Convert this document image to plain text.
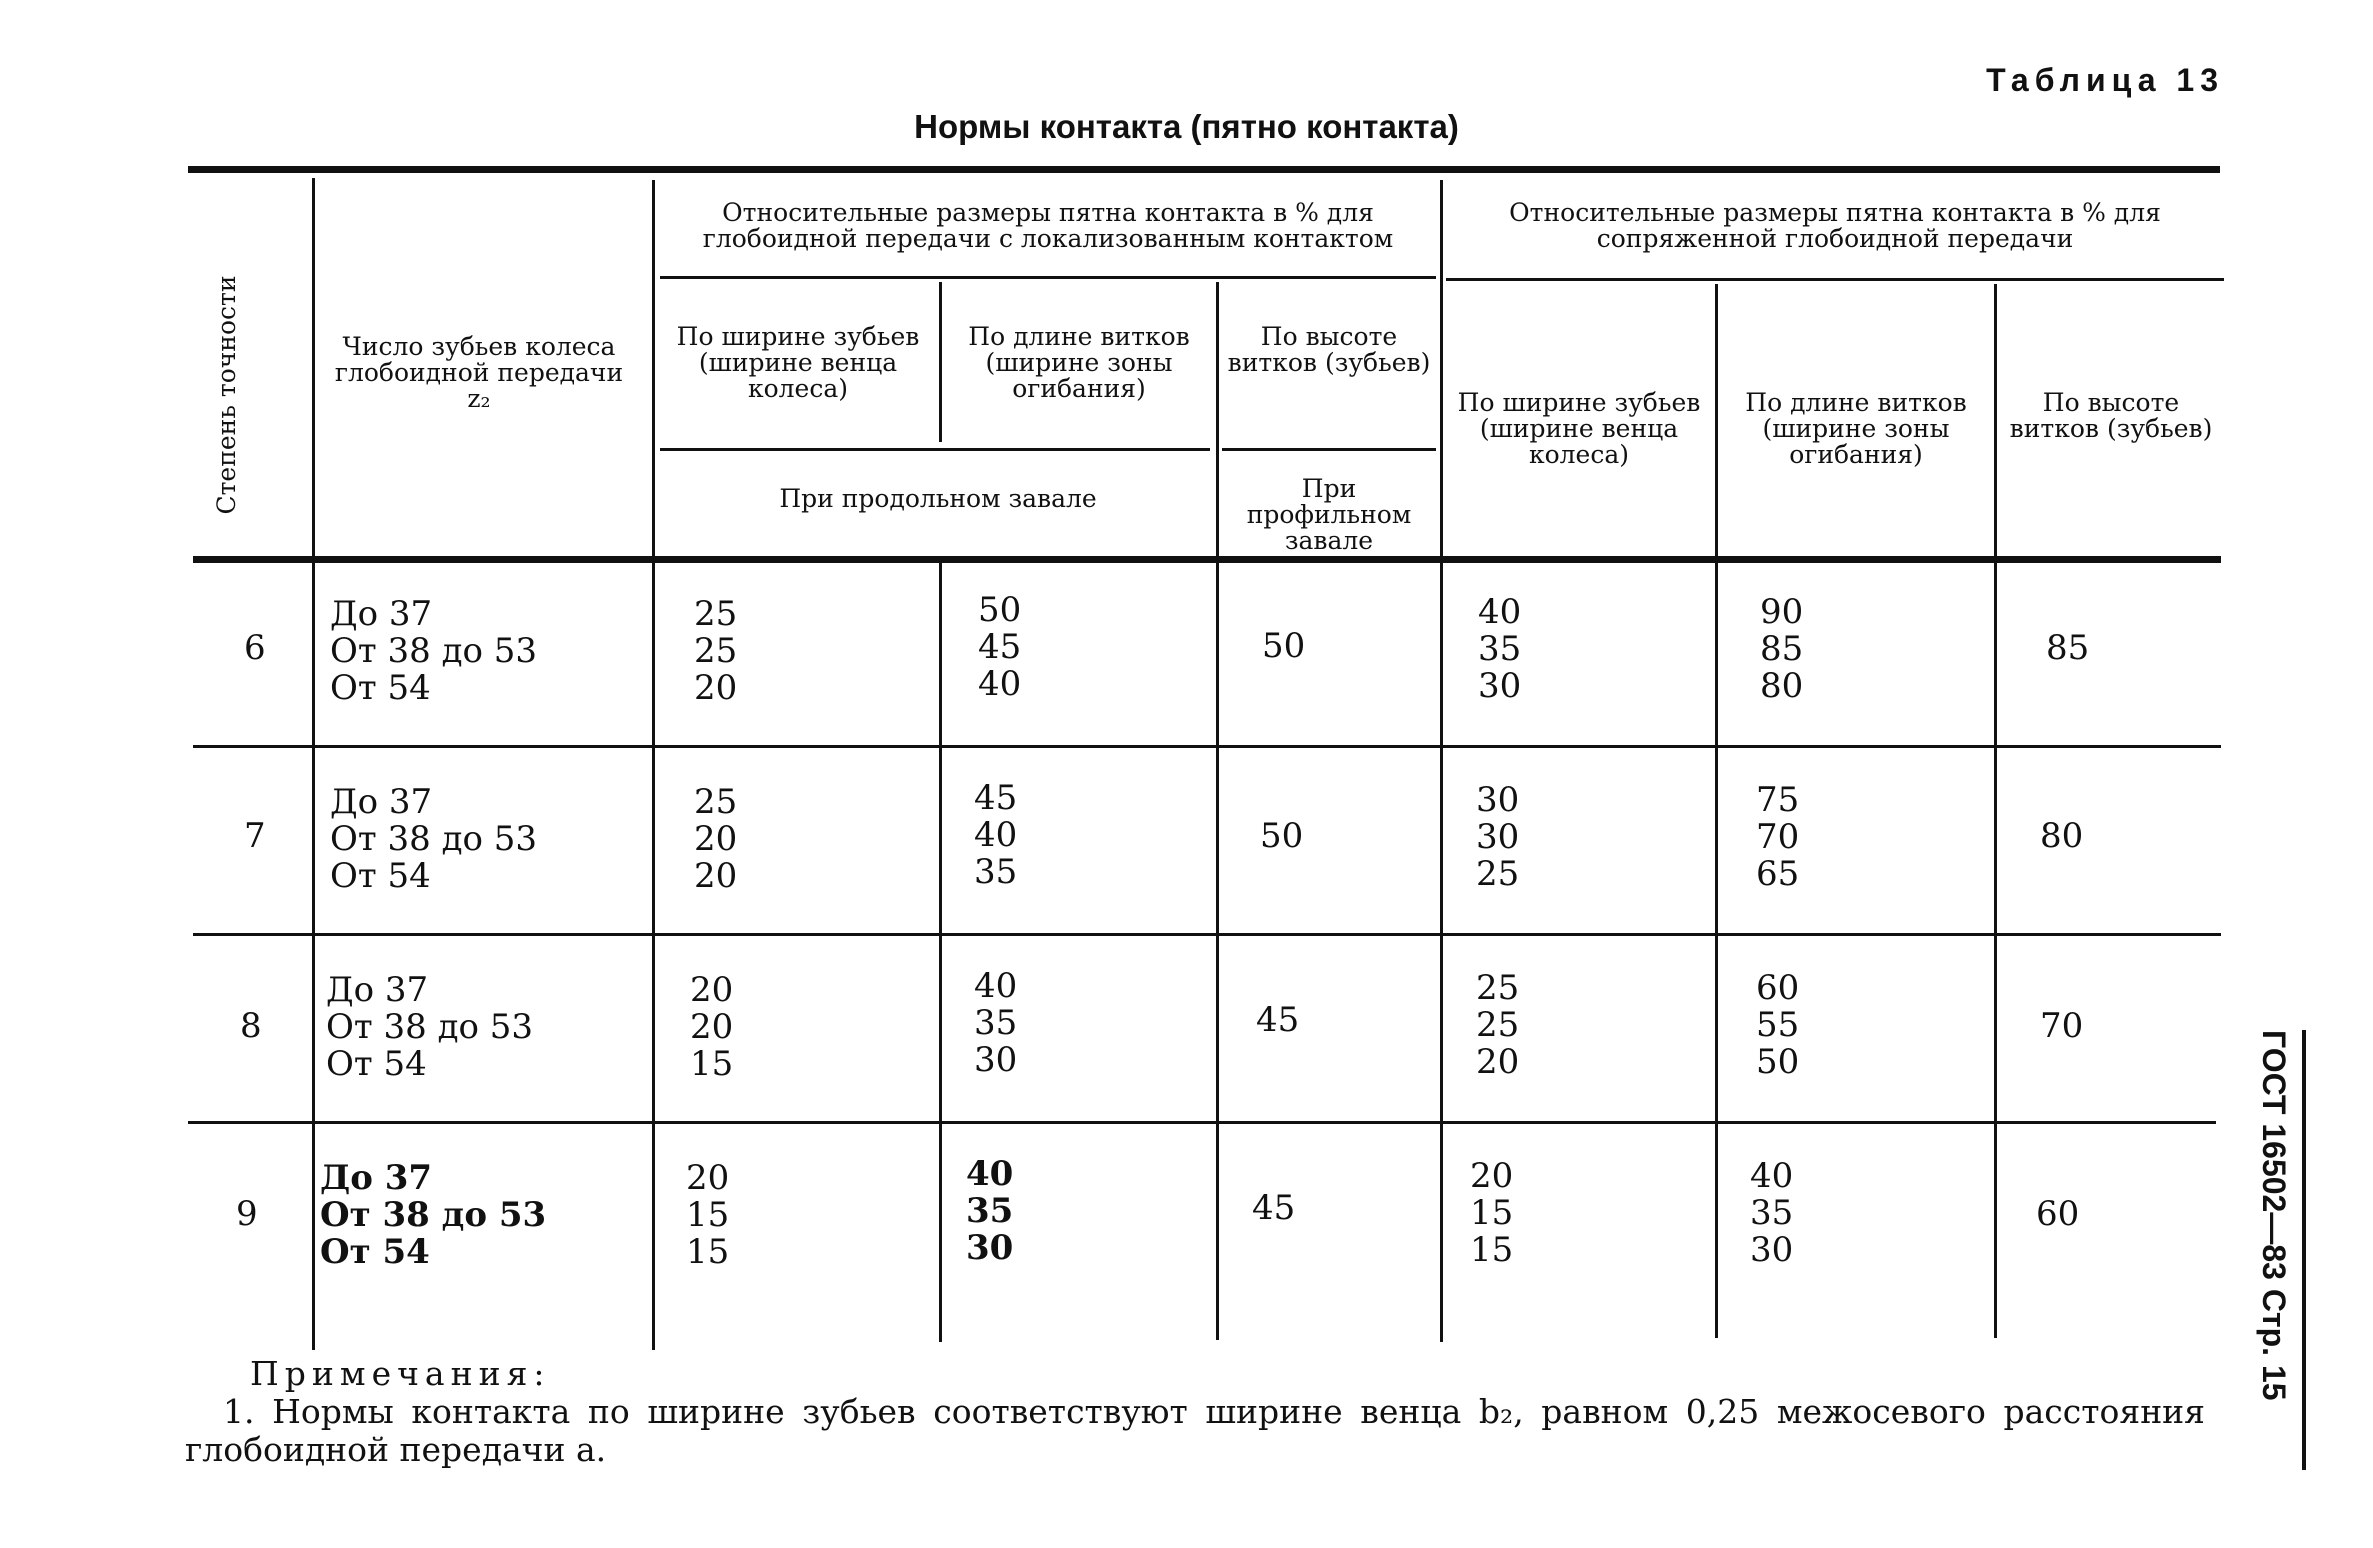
Таблица 13
Нормы контакта (пятно контакта)
ГОСТ 16502—83 Стр. 15
Степень точности	Число зубьев колеса глобоидной передачи z₂
Относительные размеры пятна контакта в % для глобоидной передачи с локализованным контактом
Относительные размеры пятна контакта в % для сопряженной глобоидной передачи
По ширине зубьев (ширине венца колеса)
По длине витков (ширине зоны огибания)
По высоте витков (зубьев)
При продольном завале	При профильном завале
По ширине зубьев (ширине венца колеса)
По длине витков (ширине зоны огибания)
По высоте витков (зубьев)
6
До 37
От 38 до 53
От 54
25
25
20
50
45
40
50
40
35
30
90
85
80
85
7
До 37
От 38 до 53
От 54
25
20
20
45
40
35
50
30
30
25
75
70
65
80
8
До 37
От 38 до 53
От 54
20
20
15
40
35
30
45
25
25
20
60
55
50
70
9
До 37
От 38 до 53
От 54
20
15
15
40
35
30
45
20
15
15
40
35
30
60
Примечания:
1. Нормы контакта по ширине зубьев соответствуют ширине венца b₂, равном 0,25 межосевого расстояния глобоидной передачи a.
